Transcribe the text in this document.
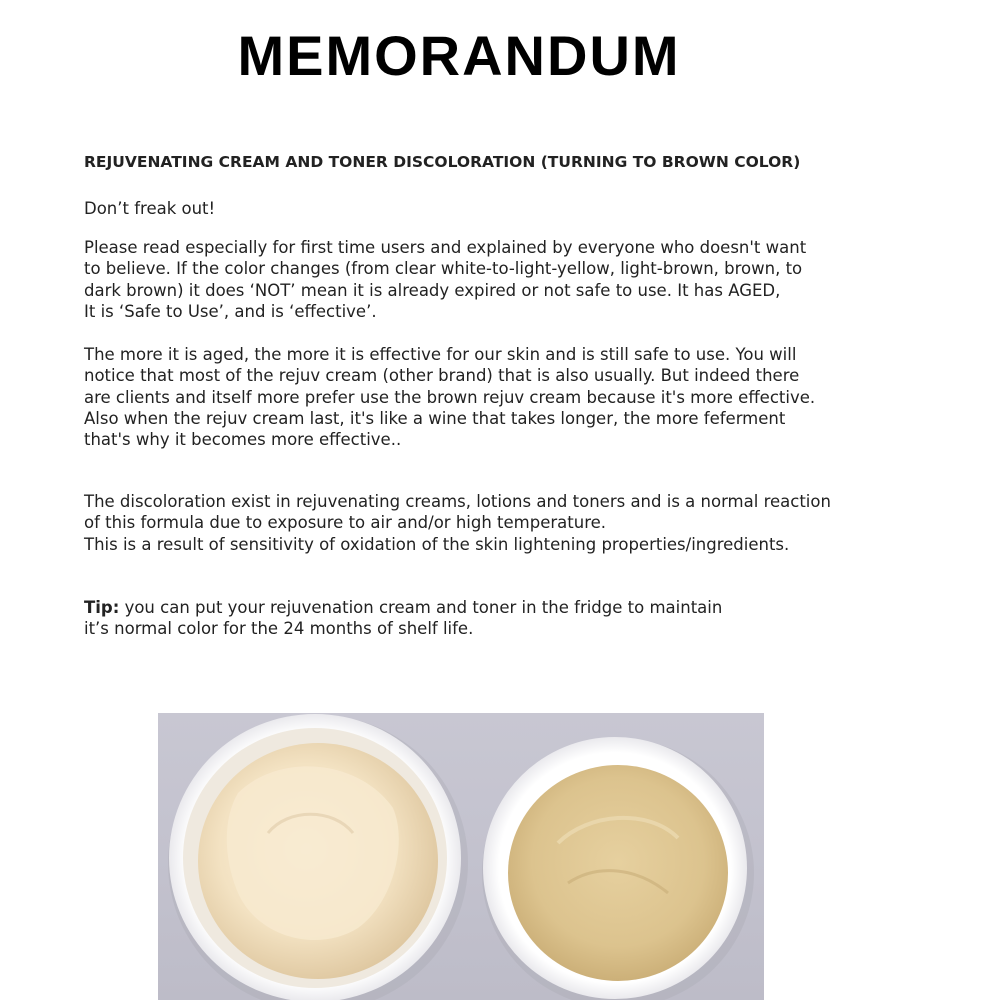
MEMORANDUM
REJUVENATING CREAM AND TONER DISCOLORATION (TURNING TO BROWN COLOR)
Don’t freak out!
Please read especially for first time users and explained by everyone who doesn't want
to believe. If the color changes (from clear white-to-light-yellow, light-brown, brown, to
dark brown) it does ‘NOT’ mean it is already expired or not safe to use. It has AGED,
It is ‘Safe to Use’, and is ‘effective’.
The more it is aged, the more it is effective for our skin and is still safe to use. You will
notice that most of the rejuv cream (other brand) that is also usually. But indeed there
are clients and itself more prefer use the brown rejuv cream because it's more effective.
Also when the rejuv cream last, it's like a wine that takes longer, the more feferment
that's why it becomes more effective..
The discoloration exist in rejuvenating creams, lotions and toners and is a normal reaction
of this formula due to exposure to air and/or high temperature.
This is a result of sensitivity of oxidation of the skin lightening properties/ingredients.
Tip: you can put your rejuvenation cream and toner in the fridge to maintain
it’s normal color for the 24 months of shelf life.
